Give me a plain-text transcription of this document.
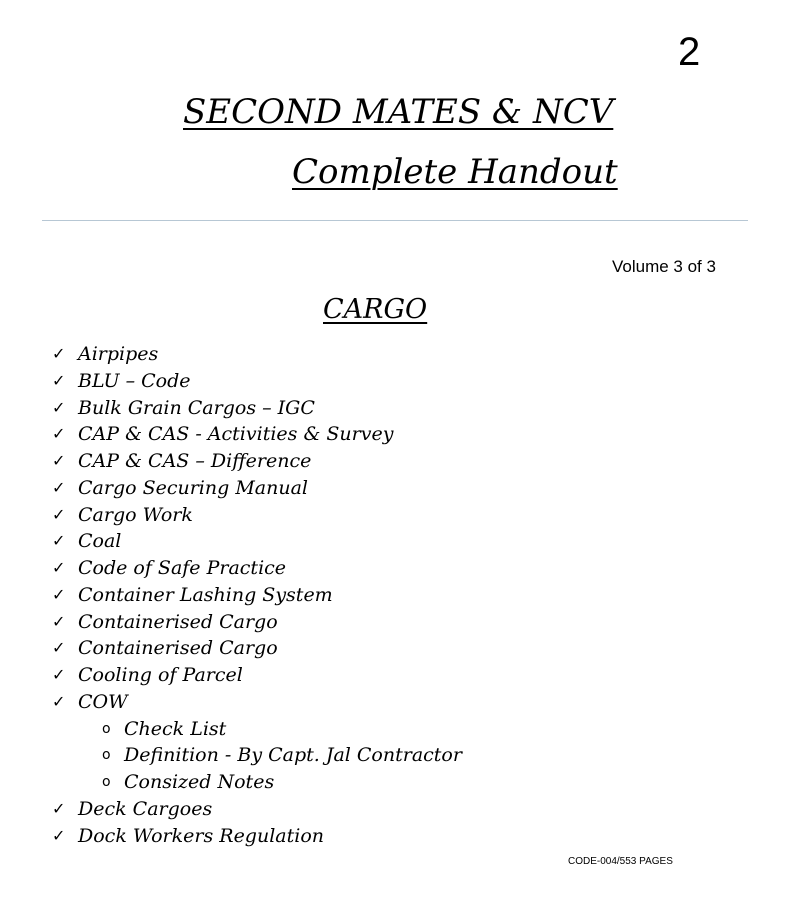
2
SECOND MATES & NCV
Complete Handout
Volume 3 of 3
CARGO
✓ Airpipes
✓ BLU – Code
✓ Bulk Grain Cargos – IGC
✓ CAP & CAS - Activities & Survey
✓ CAP & CAS – Difference
✓ Cargo Securing Manual
✓ Cargo Work
✓ Coal
✓ Code of Safe Practice
✓ Container Lashing System
✓ Containerised Cargo
✓ Containerised Cargo
✓ Cooling of Parcel
✓ COW
o Check List
o Definition - By Capt. Jal Contractor
o Consized Notes
✓ Deck Cargoes
✓ Dock Workers Regulation
CODE-004/553 PAGES
